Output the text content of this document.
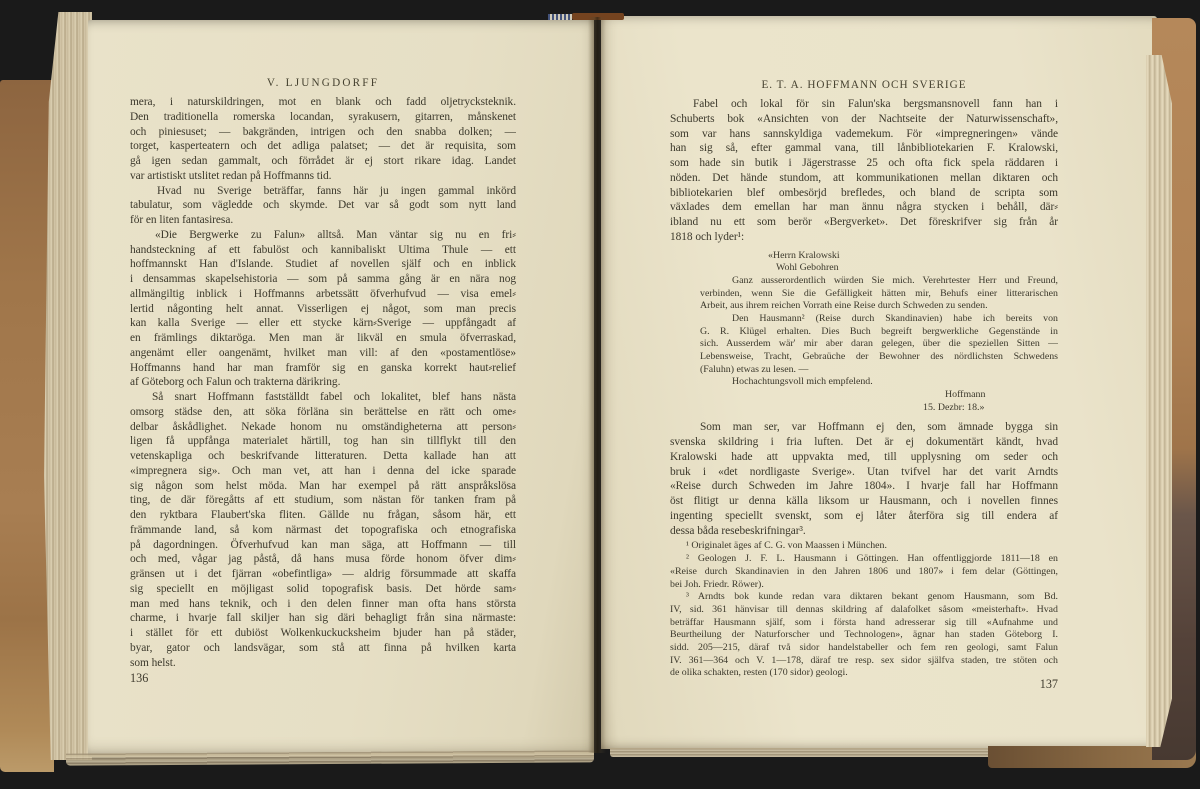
V. LJUNGDORFF	E. T. A. HOFFMANN OCH SVERIGE
mera, i naturskildringen, mot en blank och fadd oljetrycksteknik.
Den traditionella romerska locandan, syrakusern, gitarren, månskenet
och piniesuset; — bakgränden, intrigen och den snabba dolken; —
torget, kasperteatern och det adliga palatset; — det är requisita, som
gå igen sedan gammalt, och förrådet är ej stort rikare idag. Landet
var artistiskt utslitet redan på Hoffmanns tid.
Hvad nu Sverige beträffar, fanns här ju ingen gammal inkörd
tabulatur, som vägledde och skymde. Det var så godt som nytt land
för en liten fantasiresa.
«Die Bergwerke zu Falun» alltså. Man väntar sig nu en fri⸗
handsteckning af ett fabulöst och kannibaliskt Ultima Thule — ett
hoffmannskt Han d'Islande. Studiet af novellen själf och en inblick
i densammas skapelsehistoria — som på samma gång är en nära nog
allmängiltig inblick i Hoffmanns arbetssätt öfverhufvud — visa emel⸗
lertid någonting helt annat. Visserligen ej något, som man precis
kan kalla Sverige — eller ett stycke kärn⸗Sverige — uppfångadt af
en främlings diktaröga. Men man är likväl en smula öfverraskad,
angenämt eller oangenämt, hvilket man vill: af den «postamentlöse»
Hoffmanns hand har man framför sig en ganska korrekt haut⸗relief
af Göteborg och Falun och trakterna därikring.
Så snart Hoffmann fastställdt fabel och lokalitet, blef hans nästa
omsorg städse den, att söka förläna sin berättelse en rätt och ome⸗
delbar åskådlighet. Nekade honom nu omständigheterna att person⸗
ligen få uppfånga materialet härtill, tog han sin tillflykt till den
vetenskapliga och beskrifvande litteraturen. Detta kallade han att
«impregnera sig». Och man vet, att han i denna del icke sparade
sig någon som helst möda. Man har exempel på rätt anspråkslösa
ting, de där föregåtts af ett studium, som nästan för tanken fram på
den ryktbara Flaubert'ska fliten. Gällde nu frågan, såsom här, ett
främmande land, så kom närmast det topografiska och etnografiska
på dagordningen. Öfverhufvud kan man säga, att Hoffmann — till
och med, vågar jag påstå, då hans musa förde honom öfver dim⸗
gränsen ut i det fjärran «obefintliga» — aldrig försummade att skaffa
sig speciellt en möjligast solid topografisk basis. Det hörde sam⸗
man med hans teknik, och i den delen finner man ofta hans största
charme, i hvarje fall skiljer han sig däri behagligt från sina närmaste:
i stället för ett dubiöst Wolkenkuckucksheim bjuder han på städer,
byar, gator och landsvägar, som stå att finna på hvilken karta
som helst.
Fabel och lokal för sin Falun'ska bergsmansnovell fann han i
Schuberts bok «Ansichten von der Nachtseite der Naturwissenschaft»,
som var hans sannskyldiga vademekum. För «impregneringen» vände
han sig så, efter gammal vana, till lånbibliotekarien F. Kralowski,
som hade sin butik i Jägerstrasse 25 och ofta fick spela räddaren i
nöden. Det hände stundom, att kommunikationen mellan diktaren och
bibliotekarien blef ombesörjd brefledes, och bland de scripta som
växlades dem emellan har man ännu några stycken i behåll, där⸗
ibland nu ett som berör «Bergverket». Det föreskrifver sig från år
1818 och lyder¹:
«Herrn Kralowski
Wohl Gebohren
Ganz ausserordentlich würden Sie mich. Verehrtester Herr und Freund,
verbinden, wenn Sie die Gefälligkeit hätten mir, Behufs einer litterarischen
Arbeit, aus ihrem reichen Vorrath eine Reise durch Schweden zu senden.
Den Hausmann² (Reise durch Skandinavien) habe ich bereits von
G. R. Klügel erhalten. Dies Buch begreift bergwerkliche Gegenstände in
sich. Ausserdem wär' mir aber daran gelegen, über die speziellen Sitten —
Lebensweise, Tracht, Gebraüche der Bewohner des nördlichsten Schwedens
(Faluhn) etwas zu lesen. —
Hochachtungsvoll mich empfelend.
Hoffmann
15. Dezbr: 18.»
Som man ser, var Hoffmann ej den, som ämnade bygga sin
svenska skildring i fria luften. Det är ej dokumentärt kändt, hvad
Kralowski hade att uppvakta med, till upplysning om seder och
bruk i «det nordligaste Sverige». Utan tvifvel har det varit Arndts
«Reise durch Schweden im Jahre 1804». I hvarje fall har Hoffmann
öst flitigt ur denna källa liksom ur Hausmann, och i novellen finnes
ingenting speciellt svenskt, som ej låter återföra sig till endera af
dessa båda resebeskrifningar³.
¹ Originalet äges af C. G. von Maassen i München.
² Geologen J. F. L. Hausmann i Göttingen. Han offentliggjorde 1811—18 en
«Reise durch Skandinavien in den Jahren 1806 und 1807» i fem delar (Göttingen,
bei Joh. Friedr. Röwer).
³ Arndts bok kunde redan vara diktaren bekant genom Hausmann, som Bd.
IV, sid. 361 hänvisar till dennas skildring af dalafolket såsom «meisterhaft». Hvad
beträffar Hausmann själf, som i första hand adresserar sig till «Aufnahme und
Beurtheilung der Naturforscher und Technologen», ägnar han staden Göteborg I.
sidd. 205—215, däraf två sidor handelstabeller och fem ren geologi, samt Falun
IV. 361—364 och V. 1—178, däraf tre resp. sex sidor själfva staden, tre stöten och
de olika schakten, resten (170 sidor) geologi.
136	137
